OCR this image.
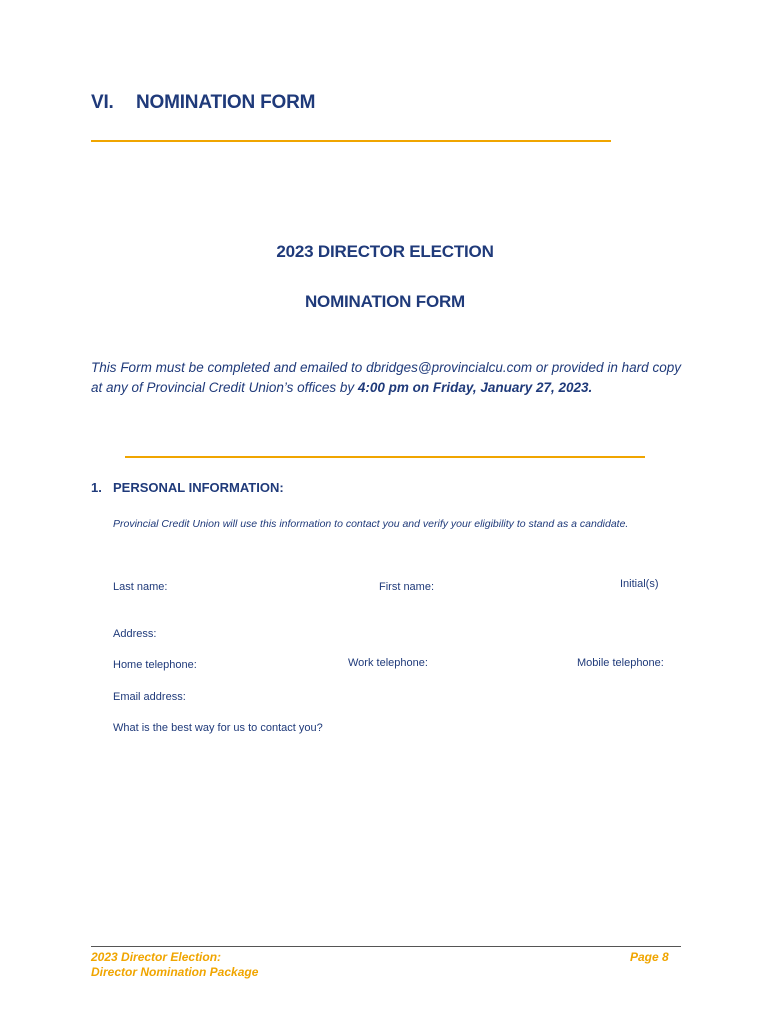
VI. NOMINATION FORM
2023 DIRECTOR ELECTION
NOMINATION FORM
This Form must be completed and emailed to dbridges@provincialcu.com or provided in hard copy at any of Provincial Credit Union’s offices by 4:00 pm on Friday, January 27, 2023.
1. PERSONAL INFORMATION:
Provincial Credit Union will use this information to contact you and verify your eligibility to stand as a candidate.
Last name:	First name:	Initial(s)
Address:
Home telephone:	Work telephone:	Mobile telephone:
Email address:
What is the best way for us to contact you?
2023 Director Election:
Director Nomination Package
Page 8
